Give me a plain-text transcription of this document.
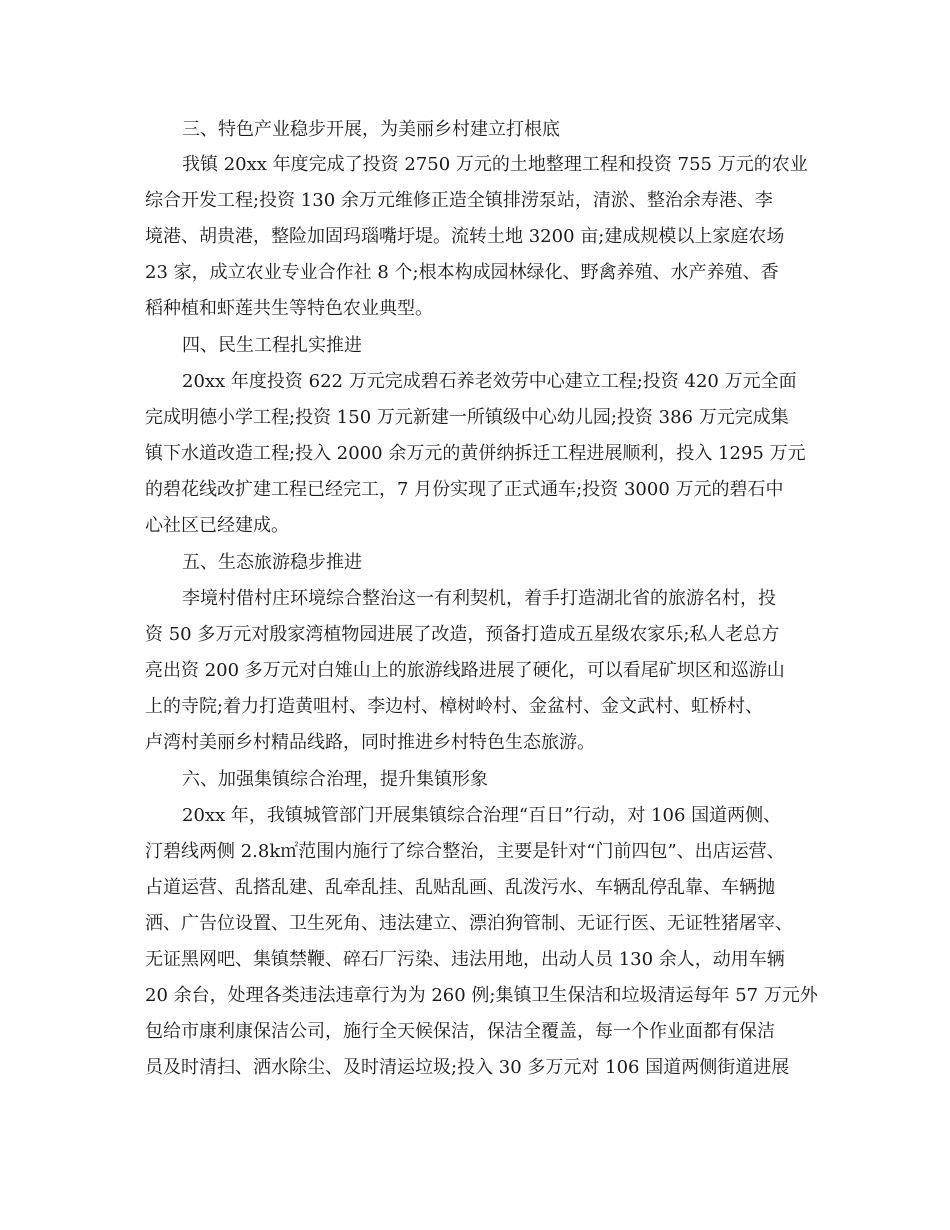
三、特色产业稳步开展，为美丽乡村建立打根底
我镇 20xx 年度完成了投资 2750 万元的土地整理工程和投资 755 万元的农业
综合开发工程;投资 130 余万元维修正造全镇排涝泵站，清淤、整治余寿港、李
境港、胡贵港，整险加固玛瑙嘴圩堤。流转土地 3200 亩;建成规模以上家庭农场
23 家，成立农业专业合作社 8 个;根本构成园林绿化、野禽养殖、水产养殖、香
稻种植和虾莲共生等特色农业典型。
四、民生工程扎实推进
20xx 年度投资 622 万元完成碧石养老效劳中心建立工程;投资 420 万元全面
完成明德小学工程;投资 150 万元新建一所镇级中心幼儿园;投资 386 万元完成集
镇下水道改造工程;投入 2000 余万元的黄併纳拆迁工程进展顺利，投入 1295 万元
的碧花线改扩建工程已经完工，7 月份实现了正式通车;投资 3000 万元的碧石中
心社区已经建成。
五、生态旅游稳步推进
李境村借村庄环境综合整治这一有利契机，着手打造湖北省的旅游名村，投
资 50 多万元对殷家湾植物园进展了改造，预备打造成五星级农家乐;私人老总方
亮出资 200 多万元对白雉山上的旅游线路进展了硬化，可以看尾矿坝区和巡游山
上的寺院;着力打造黄咀村、李边村、樟树岭村、金盆村、金文武村、虹桥村、
卢湾村美丽乡村精品线路，同时推进乡村特色生态旅游。
六、加强集镇综合治理，提升集镇形象
20xx 年，我镇城管部门开展集镇综合治理“百日”行动，对 106 国道两侧、
汀碧线两侧 2.8k㎡范围内施行了综合整治，主要是针对“门前四包”、出店运营、
占道运营、乱搭乱建、乱牵乱挂、乱贴乱画、乱泼污水、车辆乱停乱靠、车辆抛
洒、广告位设置、卫生死角、违法建立、漂泊狗管制、无证行医、无证牲猪屠宰、
无证黑网吧、集镇禁鞭、碎石厂污染、违法用地，出动人员 130 余人，动用车辆
20 余台，处理各类违法违章行为为 260 例;集镇卫生保洁和垃圾清运每年 57 万元外
包给市康利康保洁公司，施行全天候保洁，保洁全覆盖，每一个作业面都有保洁
员及时清扫、洒水除尘、及时清运垃圾;投入 30 多万元对 106 国道两侧街道进展
